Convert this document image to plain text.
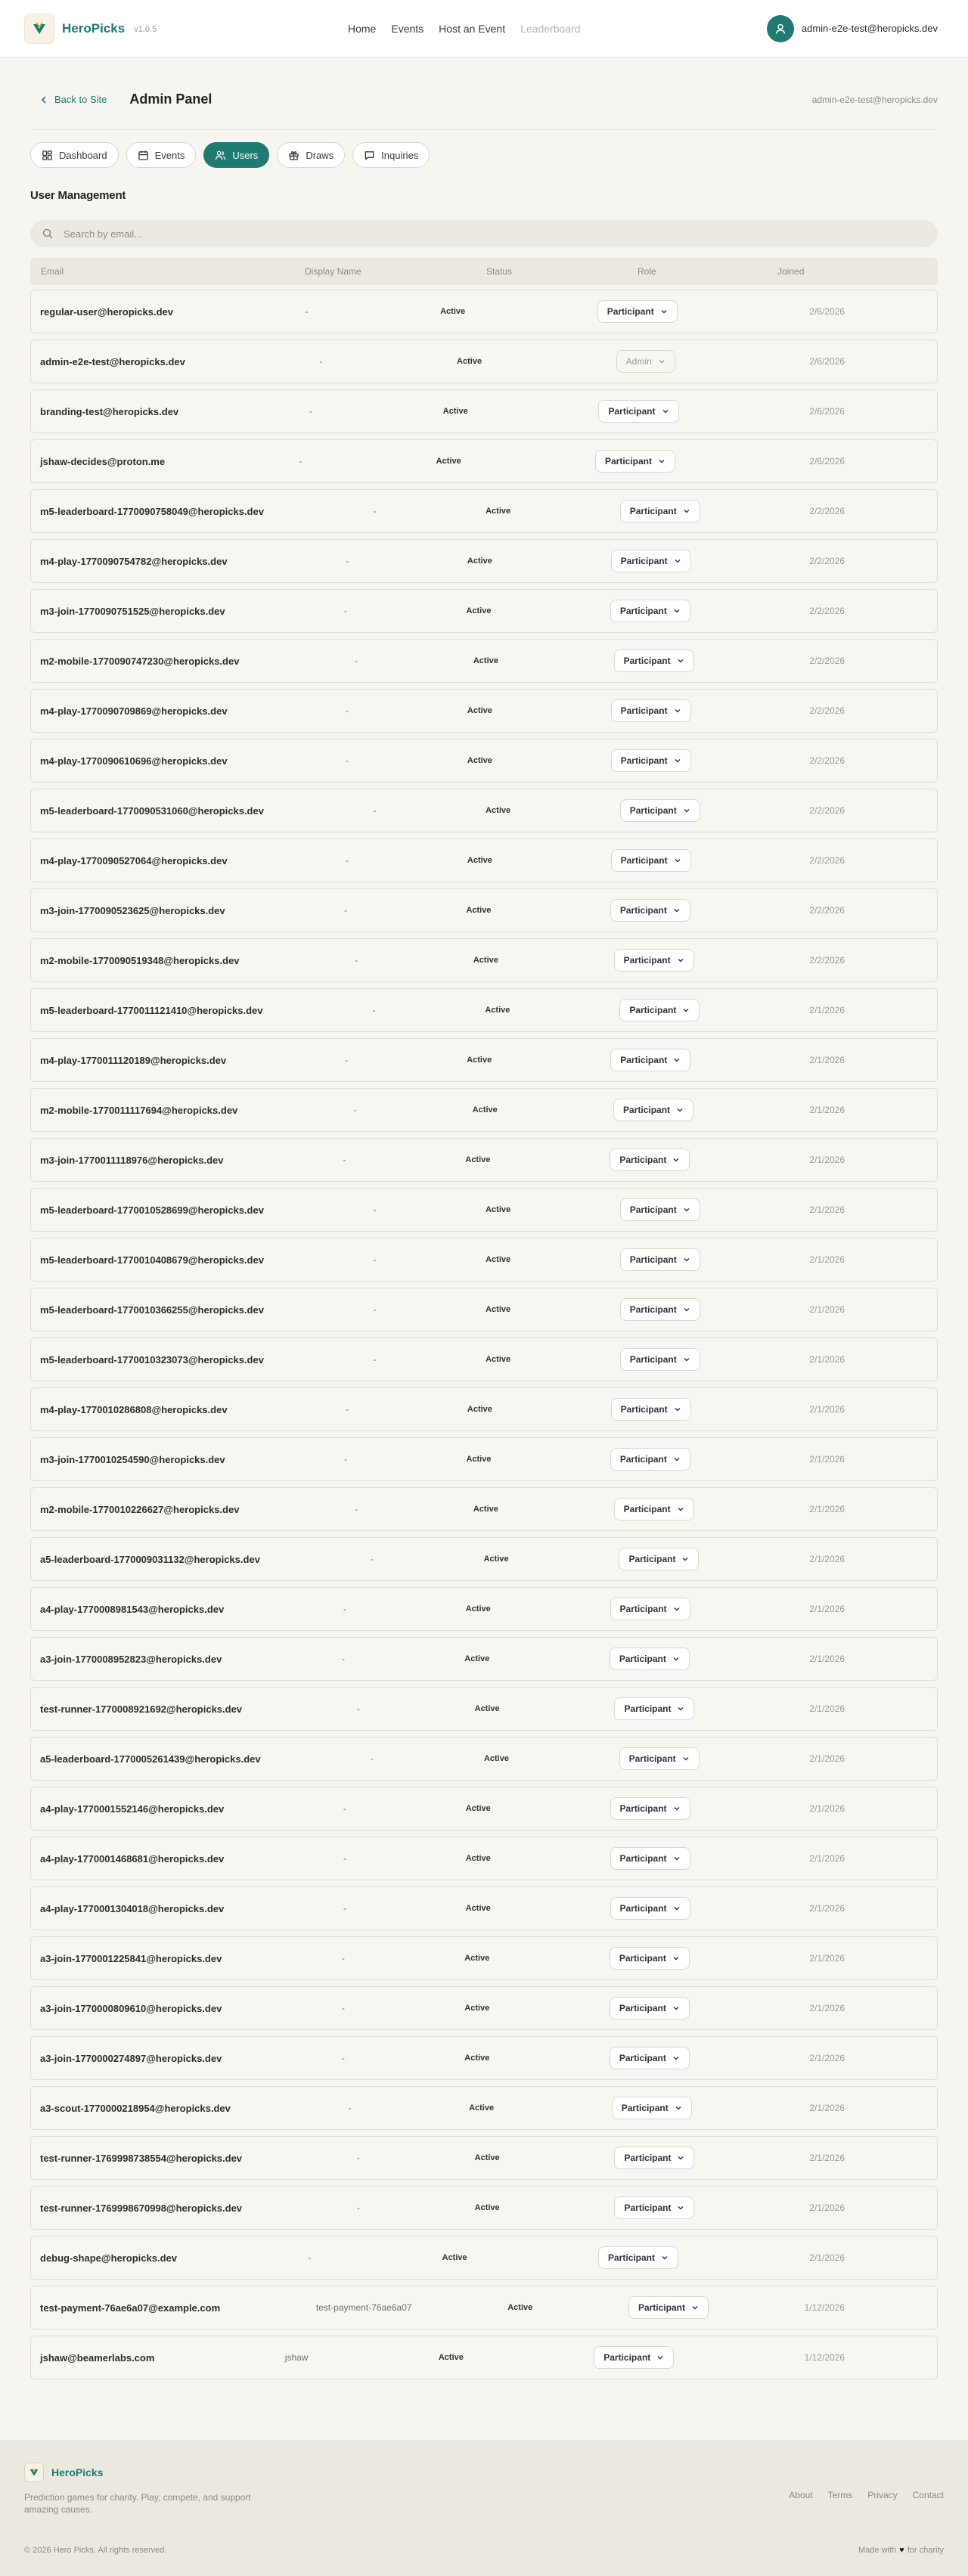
HeroPicks v1.0.5	Home Events Host an Event Leaderboard	admin-e2e-test@heropicks.dev
Back to Site Admin Panel	admin-e2e-test@heropicks.dev
Dashboard	Events	Users	Draws	Inquiries
User Management
Search by email...
Email	Display Name	Status	Role	Joined
regular-user@heropicks.dev	-	Active	Participant	2/6/2026
admin-e2e-test@heropicks.dev	-	Active	Admin	2/6/2026
branding-test@heropicks.dev	-	Active	Participant	2/6/2026
jshaw-decides@proton.me	-	Active	Participant	2/6/2026
m5-leaderboard-1770090758049@heropicks.dev	-	Active	Participant	2/2/2026
m4-play-1770090754782@heropicks.dev	-	Active	Participant	2/2/2026
m3-join-1770090751525@heropicks.dev	-	Active	Participant	2/2/2026
m2-mobile-1770090747230@heropicks.dev	-	Active	Participant	2/2/2026
m4-play-1770090709869@heropicks.dev	-	Active	Participant	2/2/2026
m4-play-1770090610696@heropicks.dev	-	Active	Participant	2/2/2026
m5-leaderboard-1770090531060@heropicks.dev	-	Active	Participant	2/2/2026
m4-play-1770090527064@heropicks.dev	-	Active	Participant	2/2/2026
m3-join-1770090523625@heropicks.dev	-	Active	Participant	2/2/2026
m2-mobile-1770090519348@heropicks.dev	-	Active	Participant	2/2/2026
m5-leaderboard-1770011121410@heropicks.dev	-	Active	Participant	2/1/2026
m4-play-1770011120189@heropicks.dev	-	Active	Participant	2/1/2026
m2-mobile-1770011117694@heropicks.dev	-	Active	Participant	2/1/2026
m3-join-1770011118976@heropicks.dev	-	Active	Participant	2/1/2026
m5-leaderboard-1770010528699@heropicks.dev	-	Active	Participant	2/1/2026
m5-leaderboard-1770010408679@heropicks.dev	-	Active	Participant	2/1/2026
m5-leaderboard-1770010366255@heropicks.dev	-	Active	Participant	2/1/2026
m5-leaderboard-1770010323073@heropicks.dev	-	Active	Participant	2/1/2026
m4-play-1770010286808@heropicks.dev	-	Active	Participant	2/1/2026
m3-join-1770010254590@heropicks.dev	-	Active	Participant	2/1/2026
m2-mobile-1770010226627@heropicks.dev	-	Active	Participant	2/1/2026
a5-leaderboard-1770009031132@heropicks.dev	-	Active	Participant	2/1/2026
a4-play-1770008981543@heropicks.dev	-	Active	Participant	2/1/2026
a3-join-1770008952823@heropicks.dev	-	Active	Participant	2/1/2026
test-runner-1770008921692@heropicks.dev	-	Active	Participant	2/1/2026
a5-leaderboard-1770005261439@heropicks.dev	-	Active	Participant	2/1/2026
a4-play-1770001552146@heropicks.dev	-	Active	Participant	2/1/2026
a4-play-1770001468681@heropicks.dev	-	Active	Participant	2/1/2026
a4-play-1770001304018@heropicks.dev	-	Active	Participant	2/1/2026
a3-join-1770001225841@heropicks.dev	-	Active	Participant	2/1/2026
a3-join-1770000809610@heropicks.dev	-	Active	Participant	2/1/2026
a3-join-1770000274897@heropicks.dev	-	Active	Participant	2/1/2026
a3-scout-1770000218954@heropicks.dev	-	Active	Participant	2/1/2026
test-runner-1769998738554@heropicks.dev	-	Active	Participant	2/1/2026
test-runner-1769998670998@heropicks.dev	-	Active	Participant	2/1/2026
debug-shape@heropicks.dev	-	Active	Participant	2/1/2026
test-payment-76ae6a07@example.com	test-payment-76ae6a07	Active	Participant	1/12/2026
jshaw@beamerlabs.com	jshaw	Active	Participant	1/12/2026
HeroPicks

Prediction games for charity. Play, compete, and support amazing causes.

About Terms Privacy Contact
© 2026 Hero Picks. All rights reserved.	Made with ♥ for charity
